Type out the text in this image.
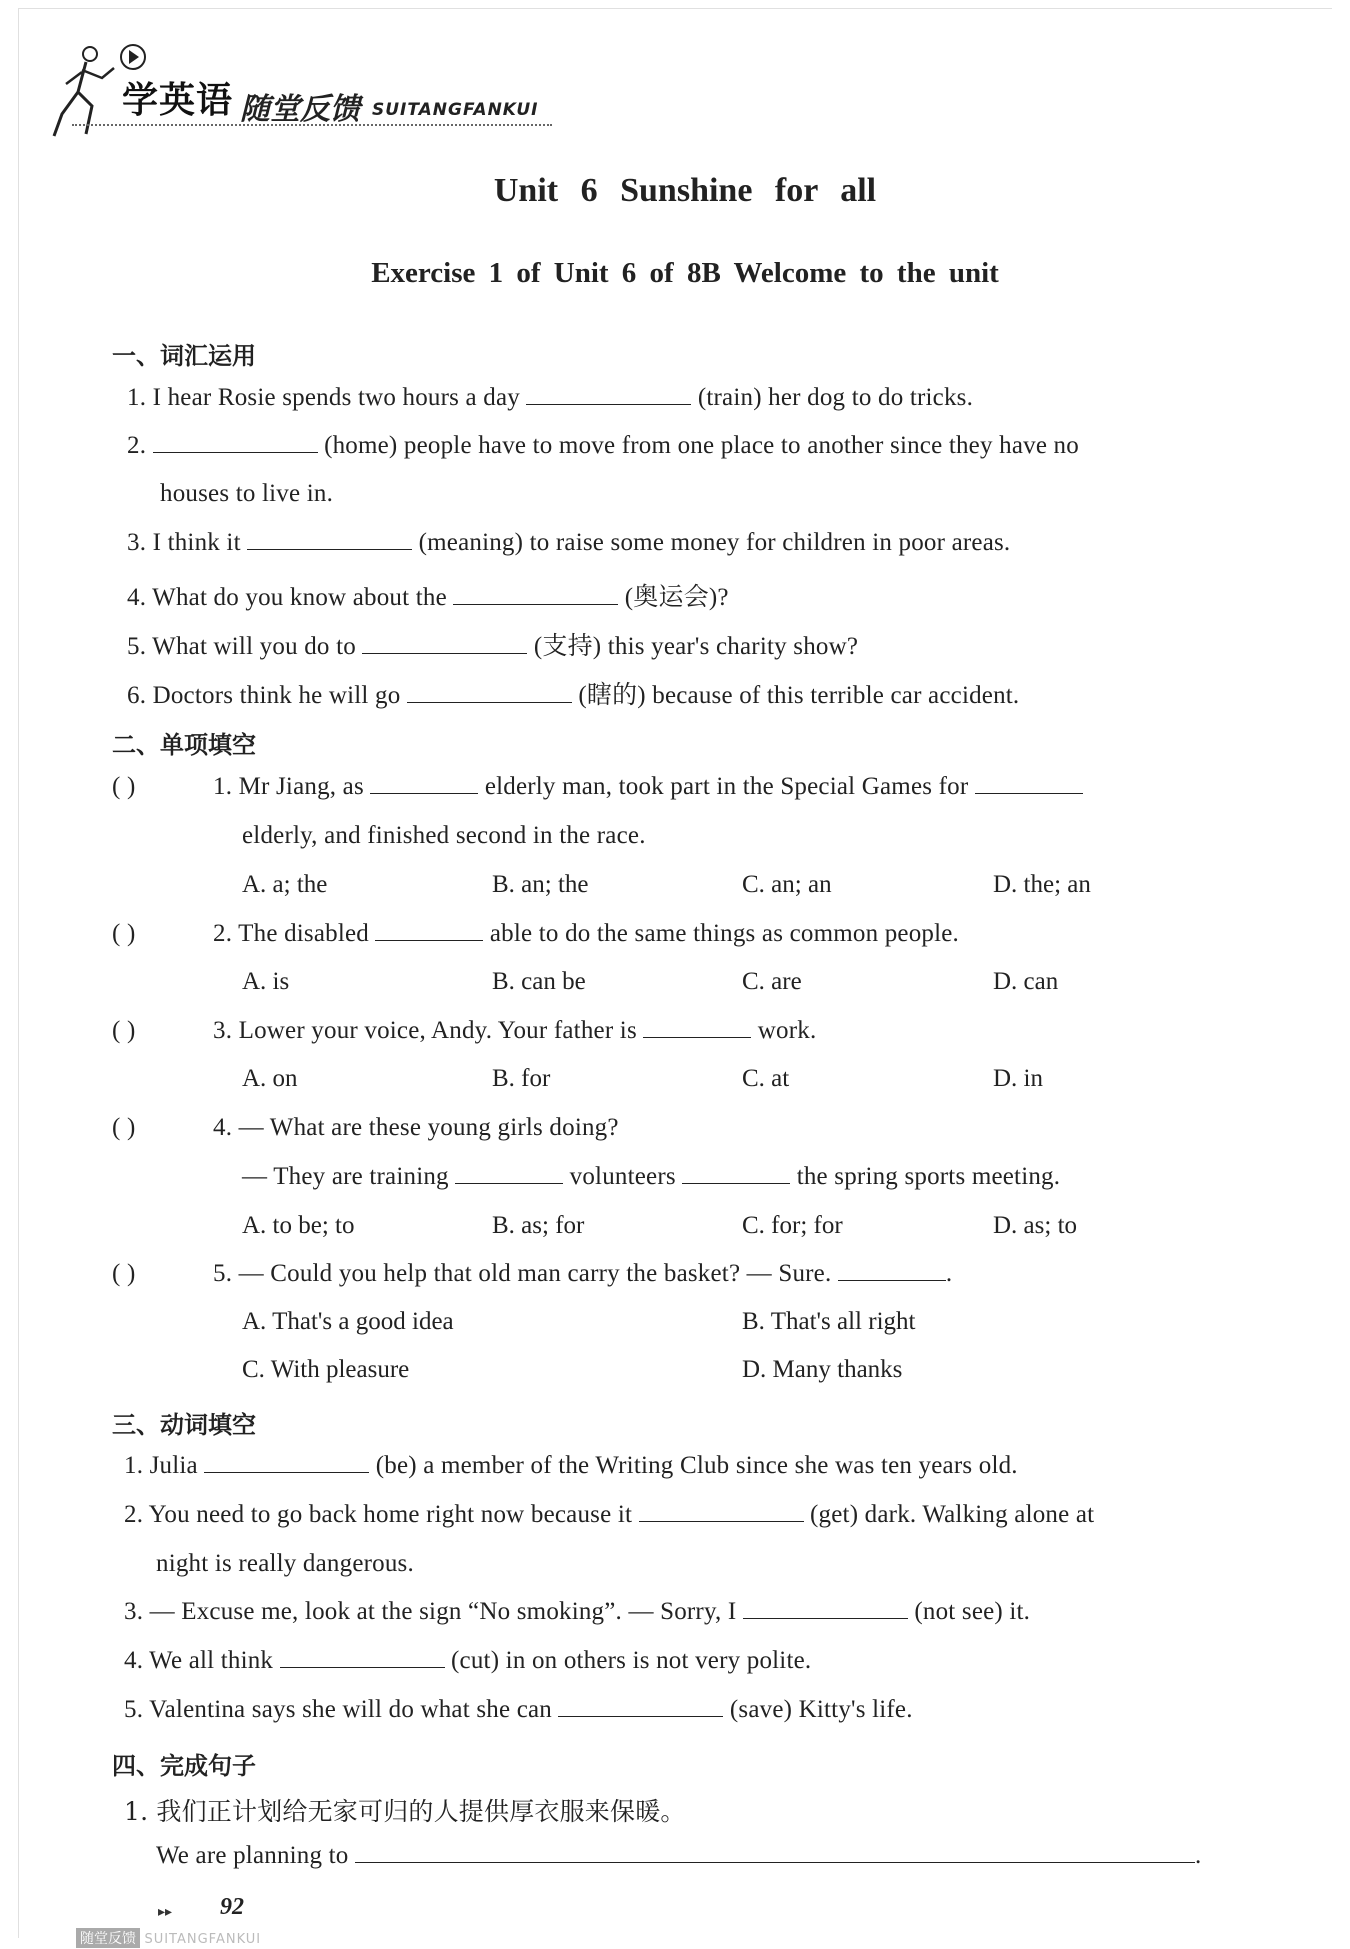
学英语 随堂反馈 SUITANGFANKUI
Unit 6 Sunshine for all
Exercise 1 of Unit 6 of 8B Welcome to the unit
一、词汇运用
1. I hear Rosie spends two hours a day	(train) her dog to do tricks.
2.	(home) people have to move from one place to another since they have no
houses to live in.
3. I think it	(meaning) to raise some money for children in poor areas.
4. What do you know about the	(奥运会)?
5. What will you do to	(支持) this year's charity show?
6. Doctors think he will go	(瞎的) because of this terrible car accident.
二、单项填空
( )	1. Mr Jiang, as	elderly man, took part in the Special Games for
elderly, and finished second in the race.
A. a; the	B. an; the	C. an; an	D. the; an
( )	2. The disabled	able to do the same things as common people.
A. is	B. can be	C. are	D. can
( )	3. Lower your voice, Andy. Your father is	work.
A. on	B. for	C. at	D. in
( )	4. — What are these young girls doing?
— They are training	volunteers	the spring sports meeting.
A. to be; to	B. as; for	C. for; for	D. as; to
( )	5. — Could you help that old man carry the basket? — Sure.	.
A. That's a good idea	B. That's all right
C. With pleasure	D. Many thanks
三、动词填空
1. Julia	(be) a member of the Writing Club since she was ten years old.
2. You need to go back home right now because it	(get) dark. Walking alone at
night is really dangerous.
3. — Excuse me, look at the sign “No smoking”. — Sorry, I	(not see) it.
4. We all think	(cut) in on others is not very polite.
5. Valentina says she will do what she can	(save) Kitty's life.
四、完成句子
1. 我们正计划给无家可归的人提供厚衣服来保暖。
We are planning to	.
▸▸ 92
随堂反馈 SUITANGFANKUI
